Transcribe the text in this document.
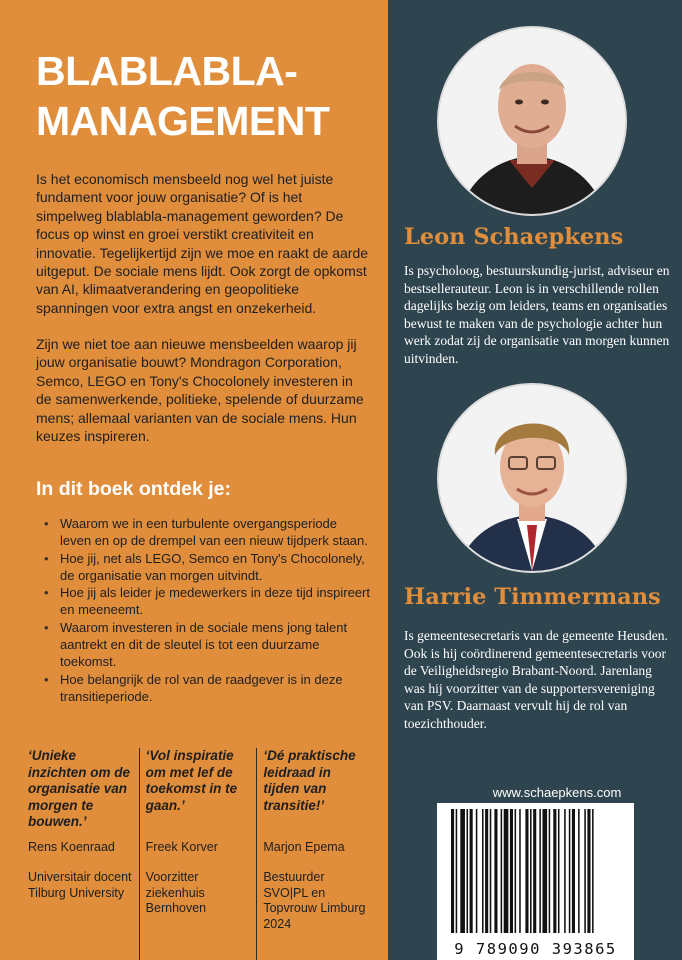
BLABLABLA-
MANAGEMENT

Is het economisch mensbeeld nog wel het juiste fundament voor jouw organisatie? Of is het simpelweg blablabla-management geworden? De focus op winst en groei verstikt creativiteit en innovatie. Tegelijkertijd zijn we moe en raakt de aarde uitgeput. De sociale mens lijdt. Ook zorgt de opkomst van AI, klimaatverandering en geopolitieke spanningen voor extra angst en onzekerheid.

Zijn we niet toe aan nieuwe mensbeelden waarop jij jouw organisatie bouwt? Mondragon Corporation, Semco, LEGO en Tony's Chocolonely investeren in de samenwerkende, politieke, spelende of duurzame mens; allemaal varianten van de sociale mens. Hun keuzes inspireren.

In dit boek ontdek je:
• Waarom we in een turbulente overgangsperiode leven en op de drempel van een nieuw tijdperk staan.
• Hoe jij, net als LEGO, Semco en Tony's Chocolonely, de organisatie van morgen uitvindt.
• Hoe jij als leider je medewerkers in deze tijd inspireert en meeneemt.
• Waarom investeren in de sociale mens jong talent aantrekt en dit de sleutel is tot een duurzame toekomst.
• Hoe belangrijk de rol van de raadgever is in deze transitieperiode.
‘Unieke inzichten om de organisatie van morgen te bouwen.’
Rens Koenraad
Universitair docent Tilburg University
‘Vol inspiratie om met lef de toekomst in te gaan.’
Freek Korver
Voorzitter ziekenhuis Bernhoven
‘Dé praktische leidraad in tijden van transitie!’
Marjon Epema
Bestuurder SVO|PL en Topvrouw Limburg 2024
Leon Schaepkens

Is psycholoog, bestuurskundig-jurist, adviseur en bestsellerauteur. Leon is in verschillende rollen dagelijks bezig om leiders, teams en organisaties bewust te maken van de psychologie achter hun werk zodat zij de organisatie van morgen kunnen uitvinden.

Harrie Timmermans

Is gemeentesecretaris van de gemeente Heusden. Ook is hij coördinerend gemeentesecretaris voor de Veiligheidsregio Brabant-Noord. Jarenlang was hij voorzitter van de supportersvereniging van PSV. Daarnaast vervult hij de rol van toezichthouder.

www.schaepkens.com
9 789090 393865
